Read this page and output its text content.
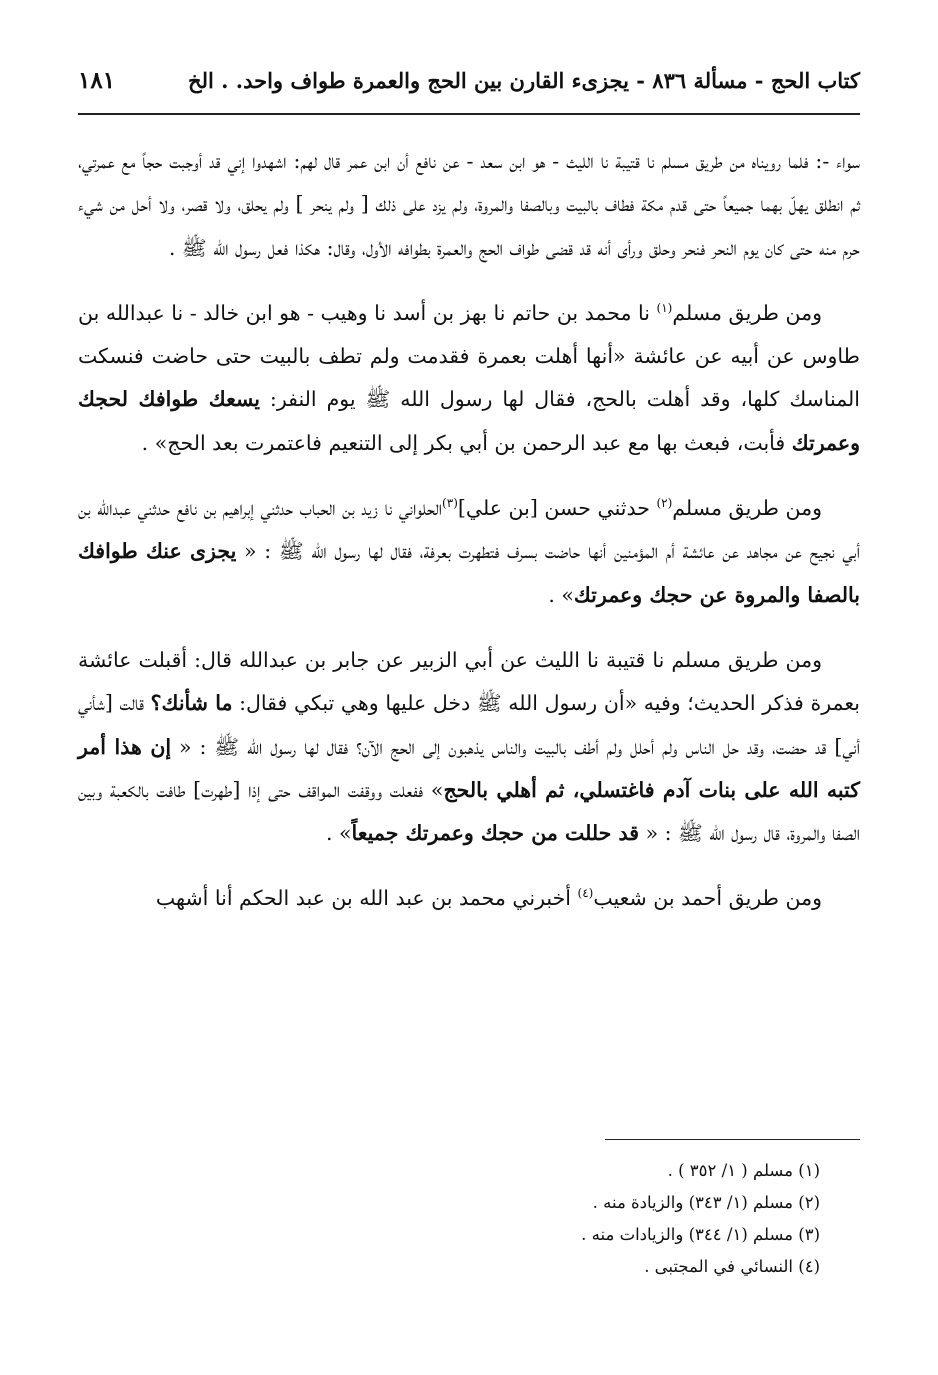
كتاب الحج - مسألة ٨٣٦ - يجزىء القارن بين الحج والعمرة طواف واحد. . الخ
١٨١

سواء -: فلما رويناه من طريق مسلم نا قتيبة نا الليث - هو ابن سعد - عن نافع أن ابن عمر قال لهم: اشهدوا إني قد أوجبت حجاً مع عمرتي، ثم انطلق يهلّ بهما جميعاً حتى قدم مكة فطاف بالبيت وبالصفا والمروة، ولم يزد على ذلك [ ولم ينحر ] ولم يحلق، ولا قصر، ولا أحل من شيء حرم منه حتى كان يوم النحر فنحر وحلق ورأى أنه قد قضى طواف الحج والعمرة بطوافه الأول، وقال: هكذا فعل رسول الله ﷺ .

ومن طريق مسلم$^{(١)}$ نا محمد بن حاتم نا بهز بن أسد نا وهيب - هو ابن خالد - نا عبدالله بن طاوس عن أبيه عن عائشة «أنها أهلت بعمرة فقدمت ولم تطف بالبيت حتى حاضت فنسكت المناسك كلها، وقد أهلت بالحج، فقال لها رسول الله ﷺ يوم النفر: يسعك طوافك لحجك وعمرتك فأبت، فبعث بها مع عبد الرحمن بن أبي بكر إلى التنعيم فاعتمرت بعد الحج» .

ومن طريق مسلم$^{(٢)}$ حدثني حسن [بن علي]$^{(٣)}$الحلواني نا زيد بن الحباب حدثني إبراهيم بن نافع حدثني عبدالله بن أبي نجيح عن مجاهد عن عائشة أم المؤمنين أنها حاضت بسرف فتطهرت بعرفة، فقال لها رسول الله ﷺ : « يجزى عنك طوافك بالصفا والمروة عن حجك وعمرتك» .

ومن طريق مسلم نا قتيبة نا الليث عن أبي الزبير عن جابر بن عبدالله قال: أقبلت عائشة بعمرة فذكر الحديث؛ وفيه «أن رسول الله ﷺ دخل عليها وهي تبكي فقال: ما شأنك؟ قالت [شأني أني] قد حضت، وقد حل الناس ولم أحلل ولم أطف بالبيت والناس يذهبون إلى الحج الآن؟ فقال لها رسول الله ﷺ : « إن هذا أمر كتبه الله على بنات آدم فاغتسلي، ثم أهلي بالحج» ففعلت ووقفت المواقف حتى إذا [طهرت] طافت بالكعبة وبين الصفا والمروة، قال رسول الله ﷺ : « قد حللت من حجك وعمرتك جميعاً» .

ومن طريق أحمد بن شعيب$^{(٤)}$ أخبرني محمد بن عبد الله بن عبد الحكم أنا أشهب

(١) مسلم ( ١/ ٣٥٢ ) .
(٢) مسلم (١/ ٣٤٣) والزيادة منه .
(٣) مسلم (١/ ٣٤٤) والزيادات منه .
(٤) النسائي في المجتبى .
